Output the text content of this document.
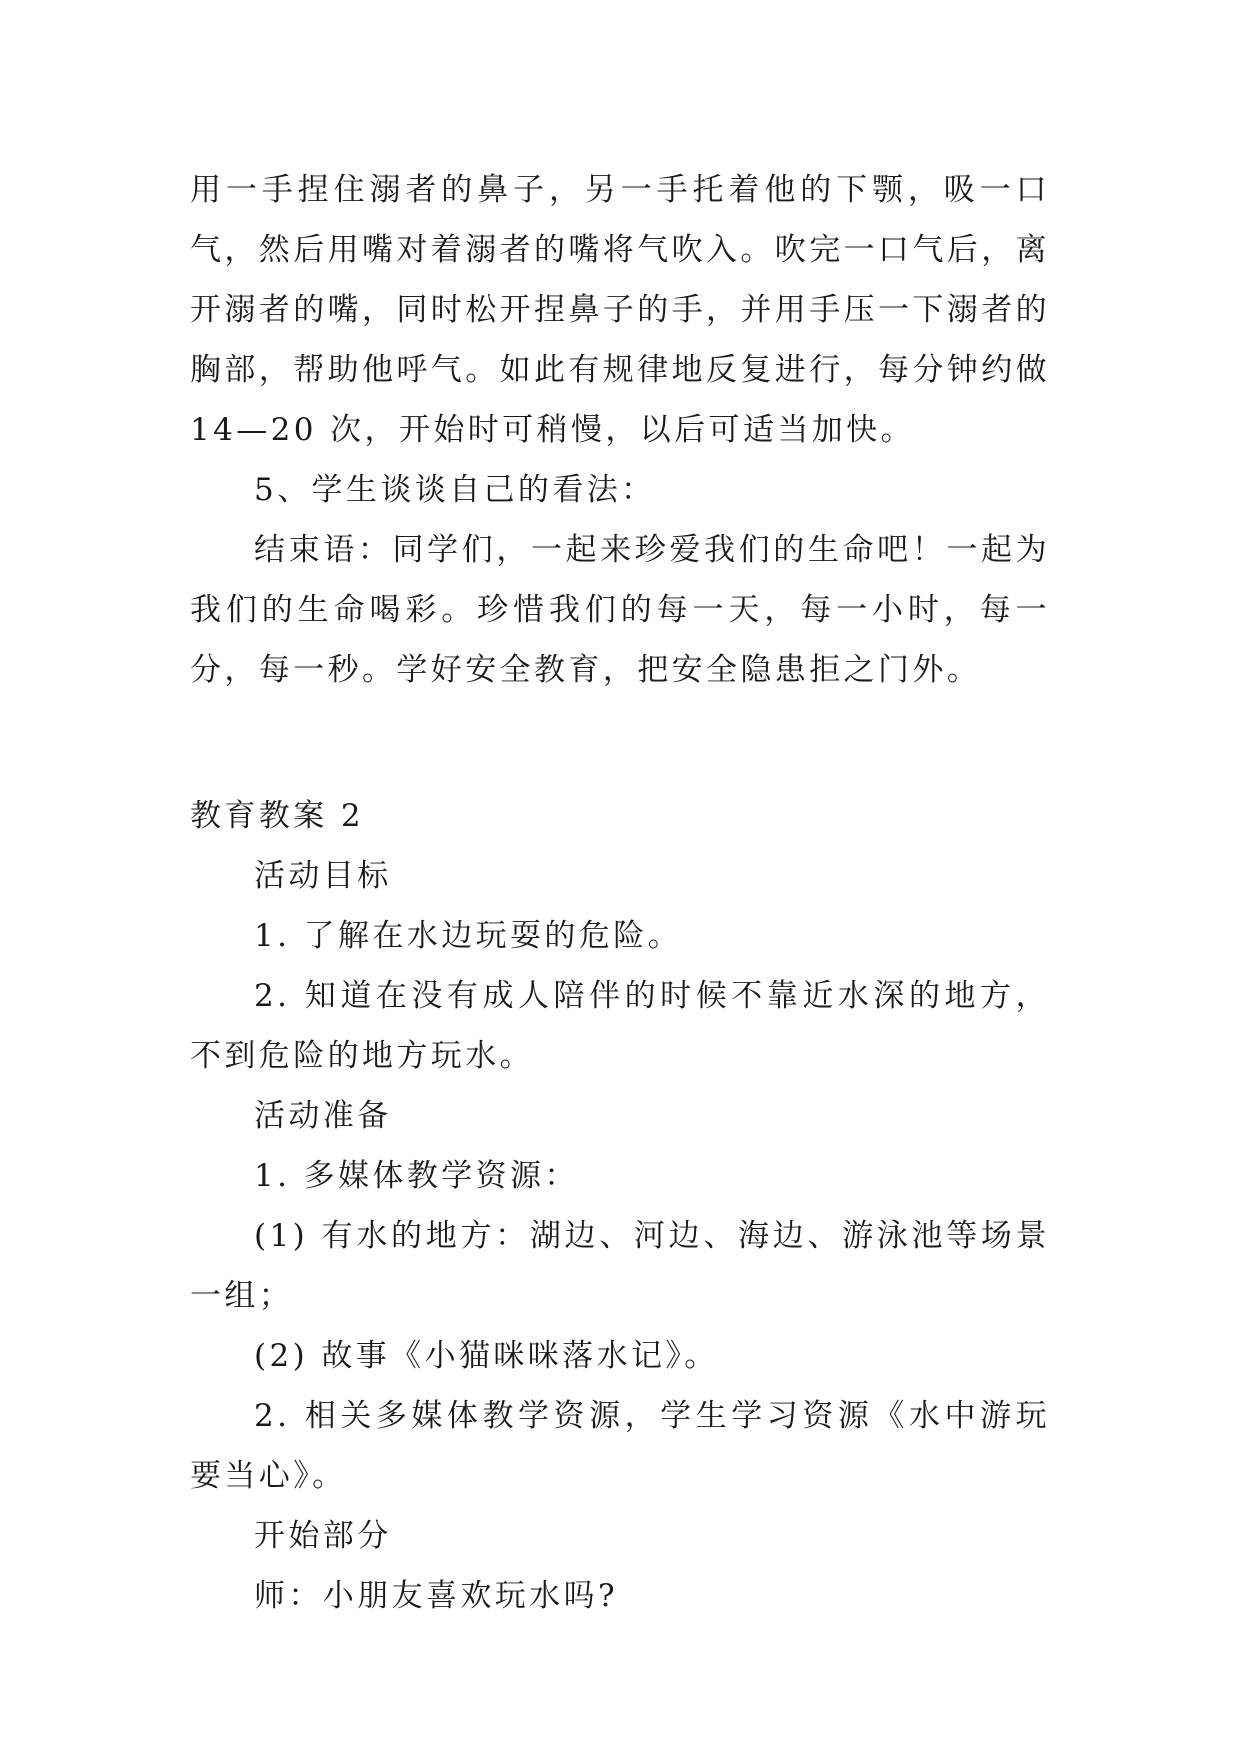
用一手捏住溺者的鼻子，另一手托着他的下颚，吸一口气，然后用嘴对着溺者的嘴将气吹入。吹完一口气后，离开溺者的嘴，同时松开捏鼻子的手，并用手压一下溺者的胸部，帮助他呼气。如此有规律地反复进行，每分钟约做 14—20 次，开始时可稍慢，以后可适当加快。

5、学生谈谈自己的看法：

结束语：同学们，一起来珍爱我们的生命吧！一起为我们的生命喝彩。珍惜我们的每一天，每一小时，每一分，每一秒。学好安全教育，把安全隐患拒之门外。

教育教案 2

活动目标

1. 了解在水边玩耍的危险。

2. 知道在没有成人陪伴的时候不靠近水深的地方，不到危险的地方玩水。

活动准备

1. 多媒体教学资源：

(1) 有水的地方：湖边、河边、海边、游泳池等场景一组；

(2) 故事《小猫咪咪落水记》。

2. 相关多媒体教学资源，学生学习资源《水中游玩要当心》。

开始部分

师：小朋友喜欢玩水吗?
